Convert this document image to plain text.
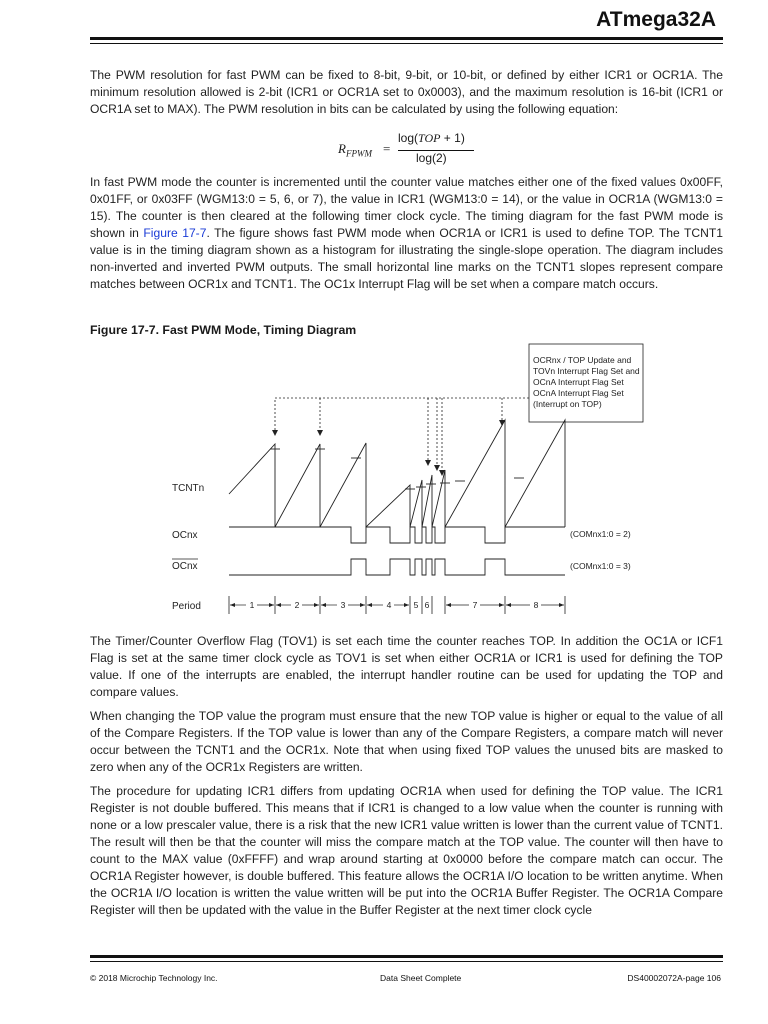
ATmega32A

The PWM resolution for fast PWM can be fixed to 8-bit, 9-bit, or 10-bit, or defined by either ICR1 or OCR1A. The minimum resolution allowed is 2-bit (ICR1 or OCR1A set to 0x0003), and the maximum resolution is 16-bit (ICR1 or OCR1A set to MAX). The PWM resolution in bits can be calculated by using the following equation:

$R_{FPWM}$ =
log(TOP + 1)
log(2)

In fast PWM mode the counter is incremented until the counter value matches either one of the fixed values 0x00FF, 0x01FF, or 0x03FF (WGM13:0 = 5, 6, or 7), the value in ICR1 (WGM13:0 = 14), or the value in OCR1A (WGM13:0 = 15). The counter is then cleared at the following timer clock cycle. The timing diagram for the fast PWM mode is shown in Figure 17-7. The figure shows fast PWM mode when OCR1A or ICR1 is used to define TOP. The TCNT1 value is in the timing diagram shown as a histogram for illustrating the single-slope operation. The diagram includes non-inverted and inverted PWM outputs. The small horizontal line marks on the TCNT1 slopes represent compare matches between OCR1x and TCNT1. The OC1x Interrupt Flag will be set when a compare match occurs.

Figure 17-7. Fast PWM Mode, Timing Diagram
OCRnx / TOP Update and
TOVn Interrupt Flag Set and
OCnA Interrupt Flag Set
OCnA Interrupt Flag Set
(Interrupt on TOP)
TCNTn
OCnx	(COMnx1:0 = 2)
OCnx	(COMnx1:0 = 3)
Period	1	2	3	4	5 6	7	8

The Timer/Counter Overflow Flag (TOV1) is set each time the counter reaches TOP. In addition the OC1A or ICF1 Flag is set at the same timer clock cycle as TOV1 is set when either OCR1A or ICR1 is used for defining the TOP value. If one of the interrupts are enabled, the interrupt handler routine can be used for updating the TOP and compare values.

When changing the TOP value the program must ensure that the new TOP value is higher or equal to the value of all of the Compare Registers. If the TOP value is lower than any of the Compare Registers, a compare match will never occur between the TCNT1 and the OCR1x. Note that when using fixed TOP values the unused bits are masked to zero when any of the OCR1x Registers are written.

The procedure for updating ICR1 differs from updating OCR1A when used for defining the TOP value. The ICR1 Register is not double buffered. This means that if ICR1 is changed to a low value when the counter is running with none or a low prescaler value, there is a risk that the new ICR1 value written is lower than the current value of TCNT1. The result will then be that the counter will miss the compare match at the TOP value. The counter will then have to count to the MAX value (0xFFFF) and wrap around starting at 0x0000 before the compare match can occur. The OCR1A Register however, is double buffered. This feature allows the OCR1A I/O location to be written anytime. When the OCR1A I/O location is written the value written will be put into the OCR1A Buffer Register. The OCR1A Compare Register will then be updated with the value in the Buffer Register at the next timer clock cycle

© 2018 Microchip Technology Inc.	Data Sheet Complete	DS40002072A-page 106
